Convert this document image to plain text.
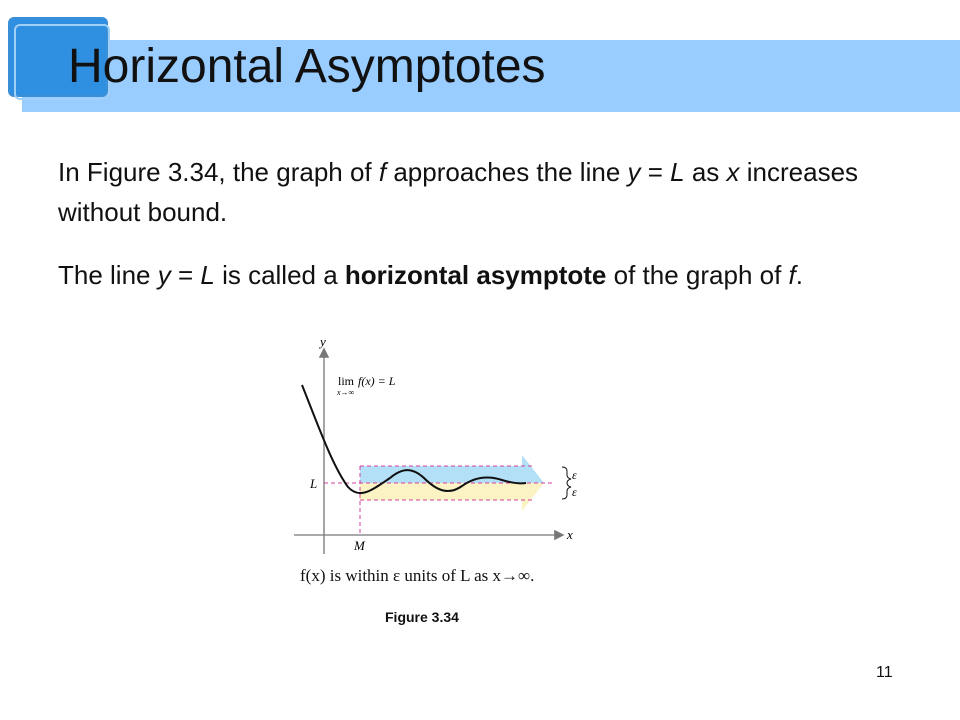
Horizontal Asymptotes

In Figure 3.34, the graph of f approaches the line y = L as x increases without bound.

The line y = L is called a horizontal asymptote of the graph of f.

y
x
lim f(x) = L
x→∞
L
M
ε
ε
f(x) is within ε units of L as x→∞.
Figure 3.34
11
